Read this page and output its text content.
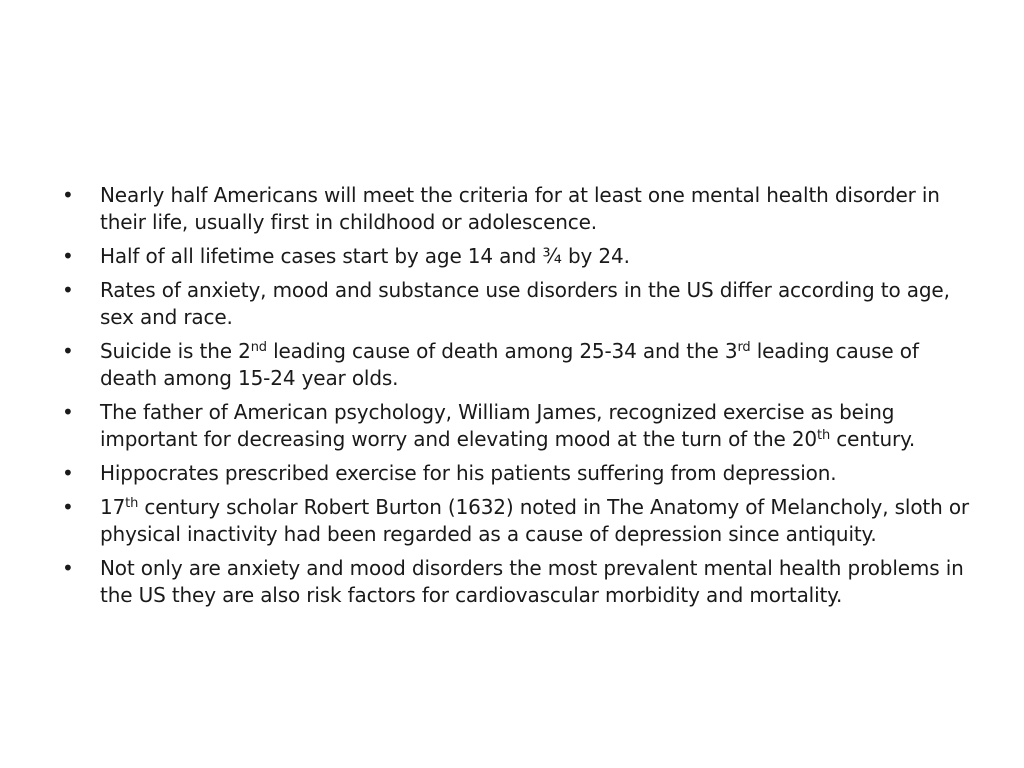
•	Nearly half Americans will meet the criteria for at least one mental health disorder in their life, usually first in childhood or adolescence.
•	Half of all lifetime cases start by age 14 and ¾ by 24.
•	Rates of anxiety, mood and substance use disorders in the US differ according to age, sex and race.
•	Suicide is the 2nd leading cause of death among 25-34 and the 3rd leading cause of death among 15-24 year olds.
•	The father of American psychology, William James, recognized exercise as being important for decreasing worry and elevating mood at the turn of the 20th century.
•	Hippocrates prescribed exercise for his patients suffering from depression.
•	17th century scholar Robert Burton (1632) noted in The Anatomy of Melancholy, sloth or physical inactivity had been regarded as a cause of depression since antiquity.
•	Not only are anxiety and mood disorders the most prevalent mental health problems in the US they are also risk factors for cardiovascular morbidity and mortality.
